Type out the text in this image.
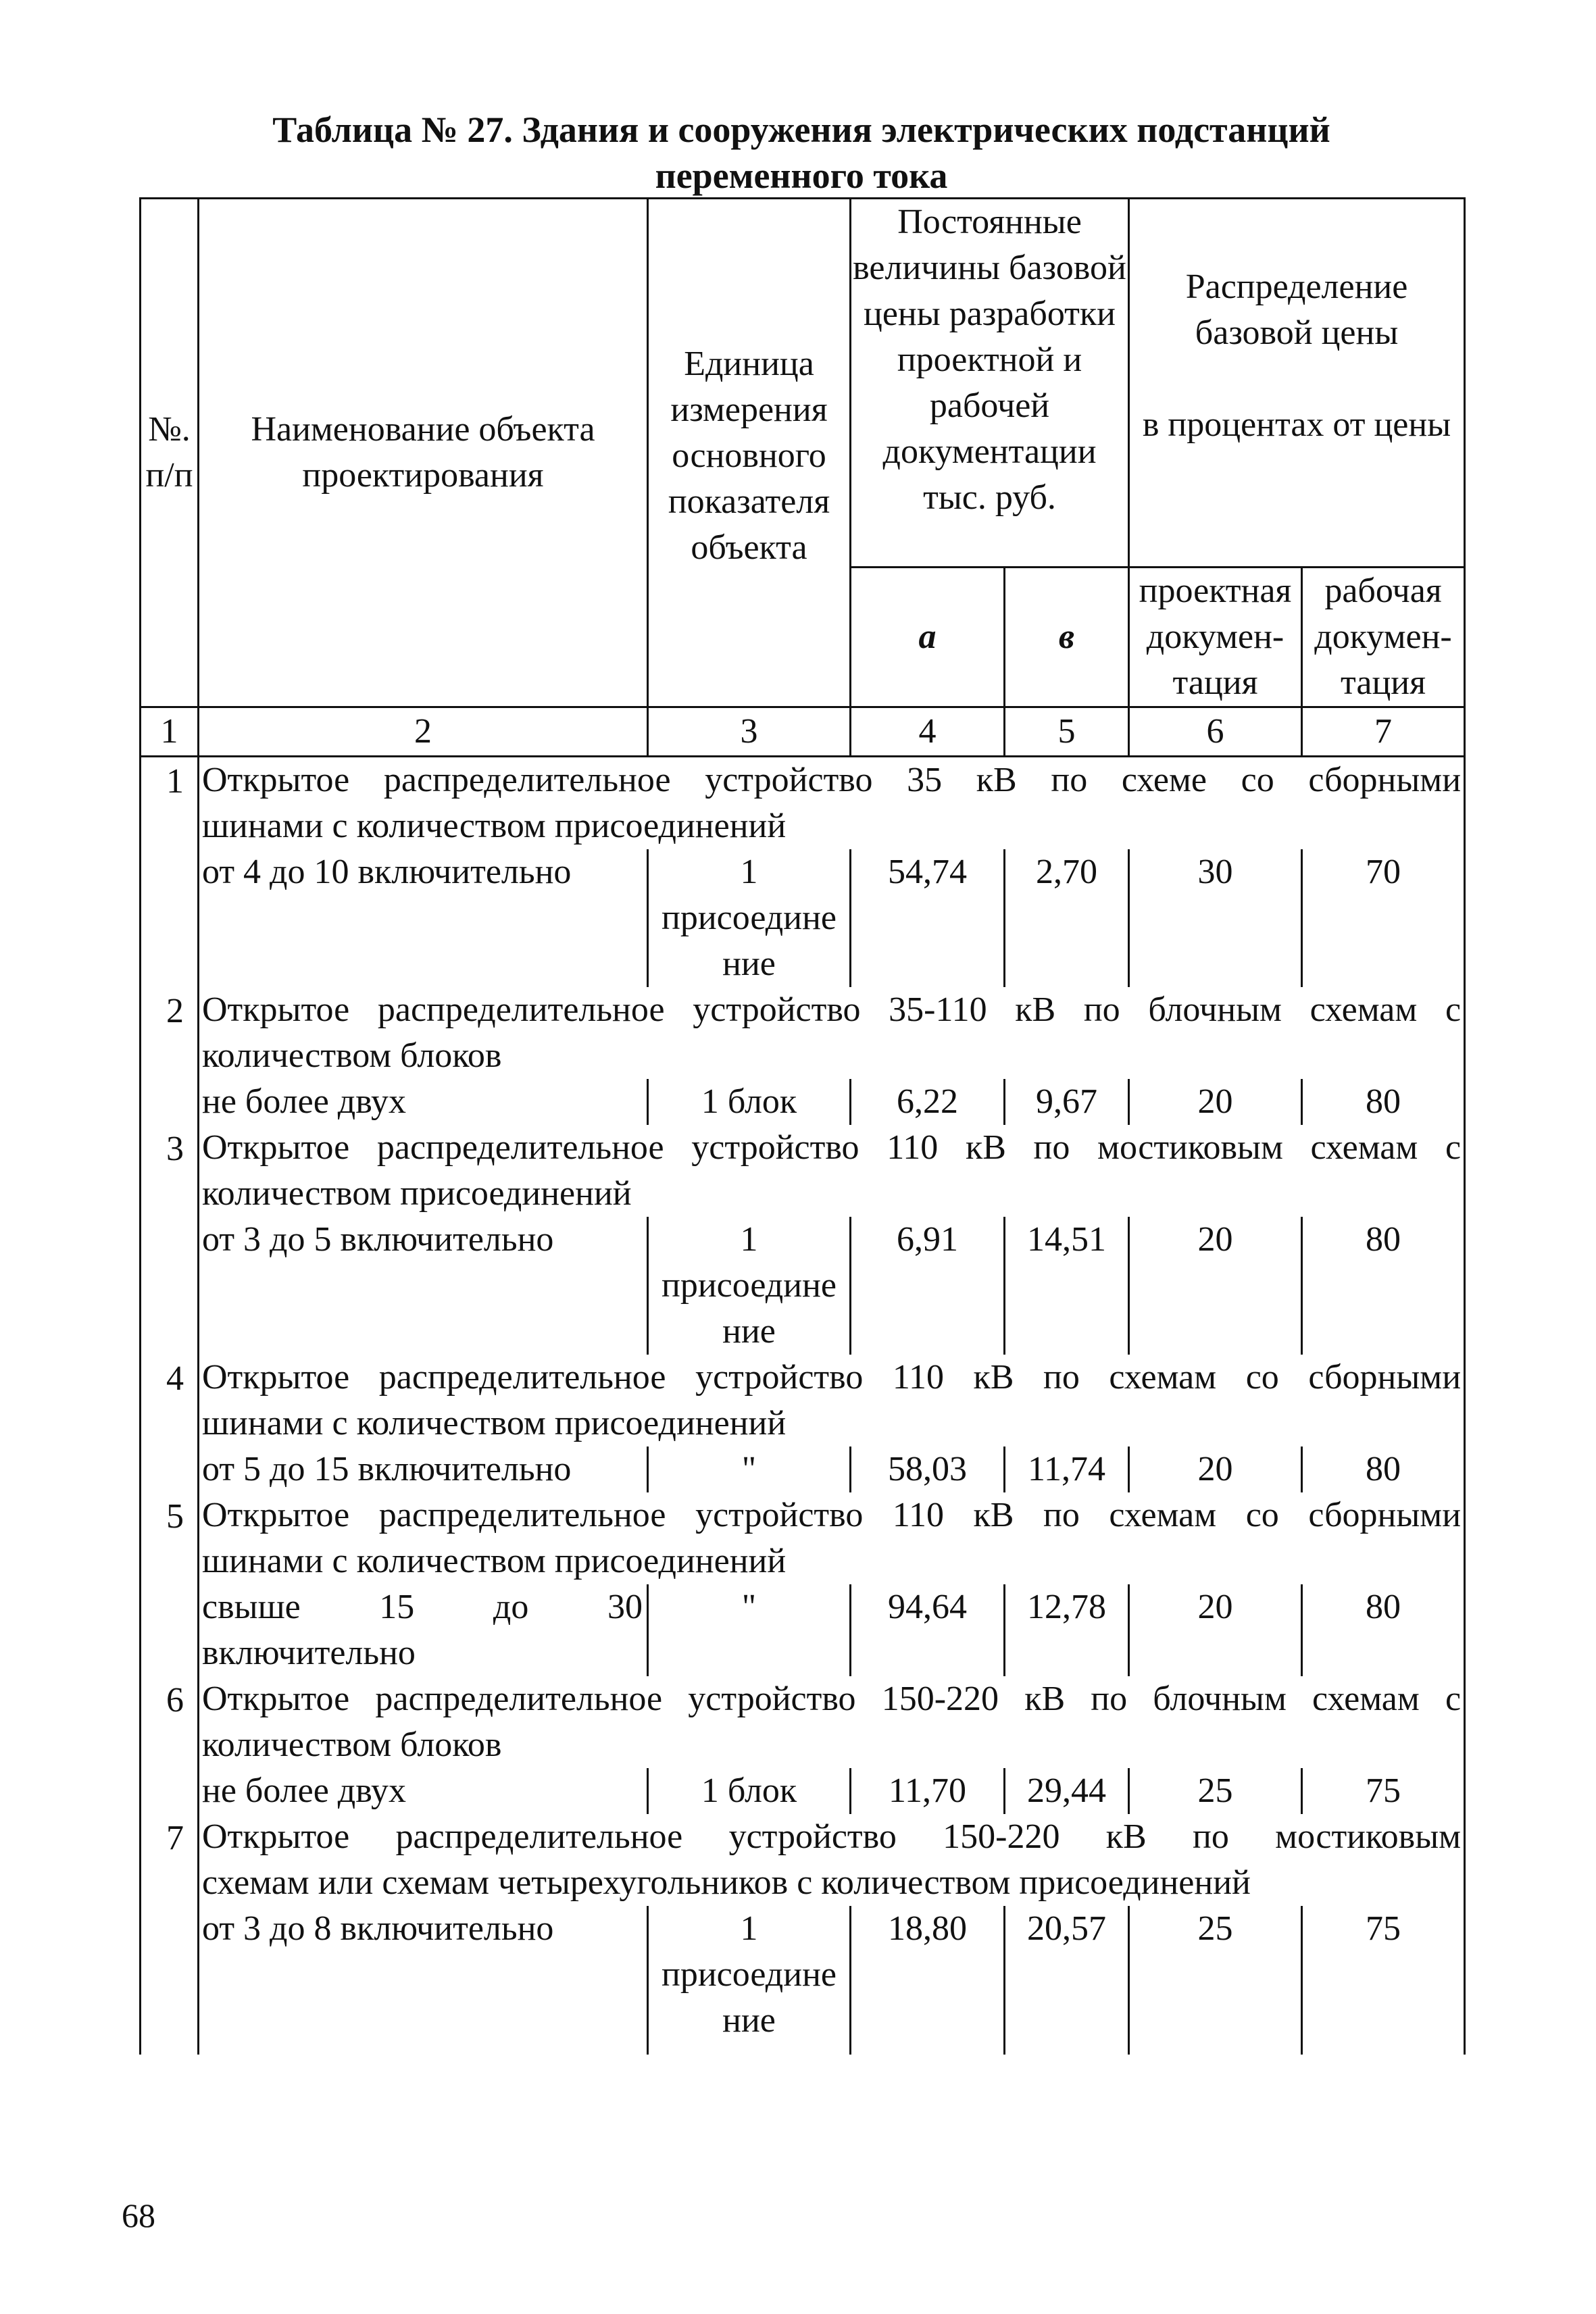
Таблица № 27. Здания и сооружения электрических подстанций
переменного тока
№. п/п	Наименование объекта проектирования	Единица измерения основного показателя объекта	Постоянные величины базовой цены разработки проектной и рабочей документации тыс. руб.		Распределение базовой цены
в процентах от цены	

			а	в	проектная докумен-тация	рабочая докумен-тация
1	2	3	4	5	6	7
1	Открытое распределительное устройство 35 кВ по схеме со сборными
шинами с количеством присоединений					

	от 4 до 10 включительно	1 присоедине ние	54,74	2,70	30	70
2	Открытое распределительное устройство 35-110 кВ по блочным схемам с
количеством блоков					

	не более двух	1 блок	6,22	9,67	20	80
3	Открытое распределительное устройство 110 кВ по мостиковым схемам с
количеством присоединений					

	от 3 до 5 включительно	1 присоедине ние	6,91	14,51	20	80
4	Открытое распределительное устройство 110 кВ по схемам со сборными
шинами с количеством присоединений					

	от 5 до 15 включительно	"	58,03	11,74	20	80
5	Открытое распределительное устройство 110 кВ по схемам со сборными
шинами с количеством присоединений					

	свыше 15 до 30 включительно	"	94,64	12,78	20	80
6	Открытое распределительное устройство 150-220 кВ по блочным схемам с
количеством блоков					

	не более двух	1 блок	11,70	29,44	25	75
7	Открытое распределительное устройство 150-220 кВ по мостиковым
схемам или схемам четырехугольников с количеством присоединений					

	от 3 до 8 включительно	1 присоедине ние	18,80	20,57	25	75
68
